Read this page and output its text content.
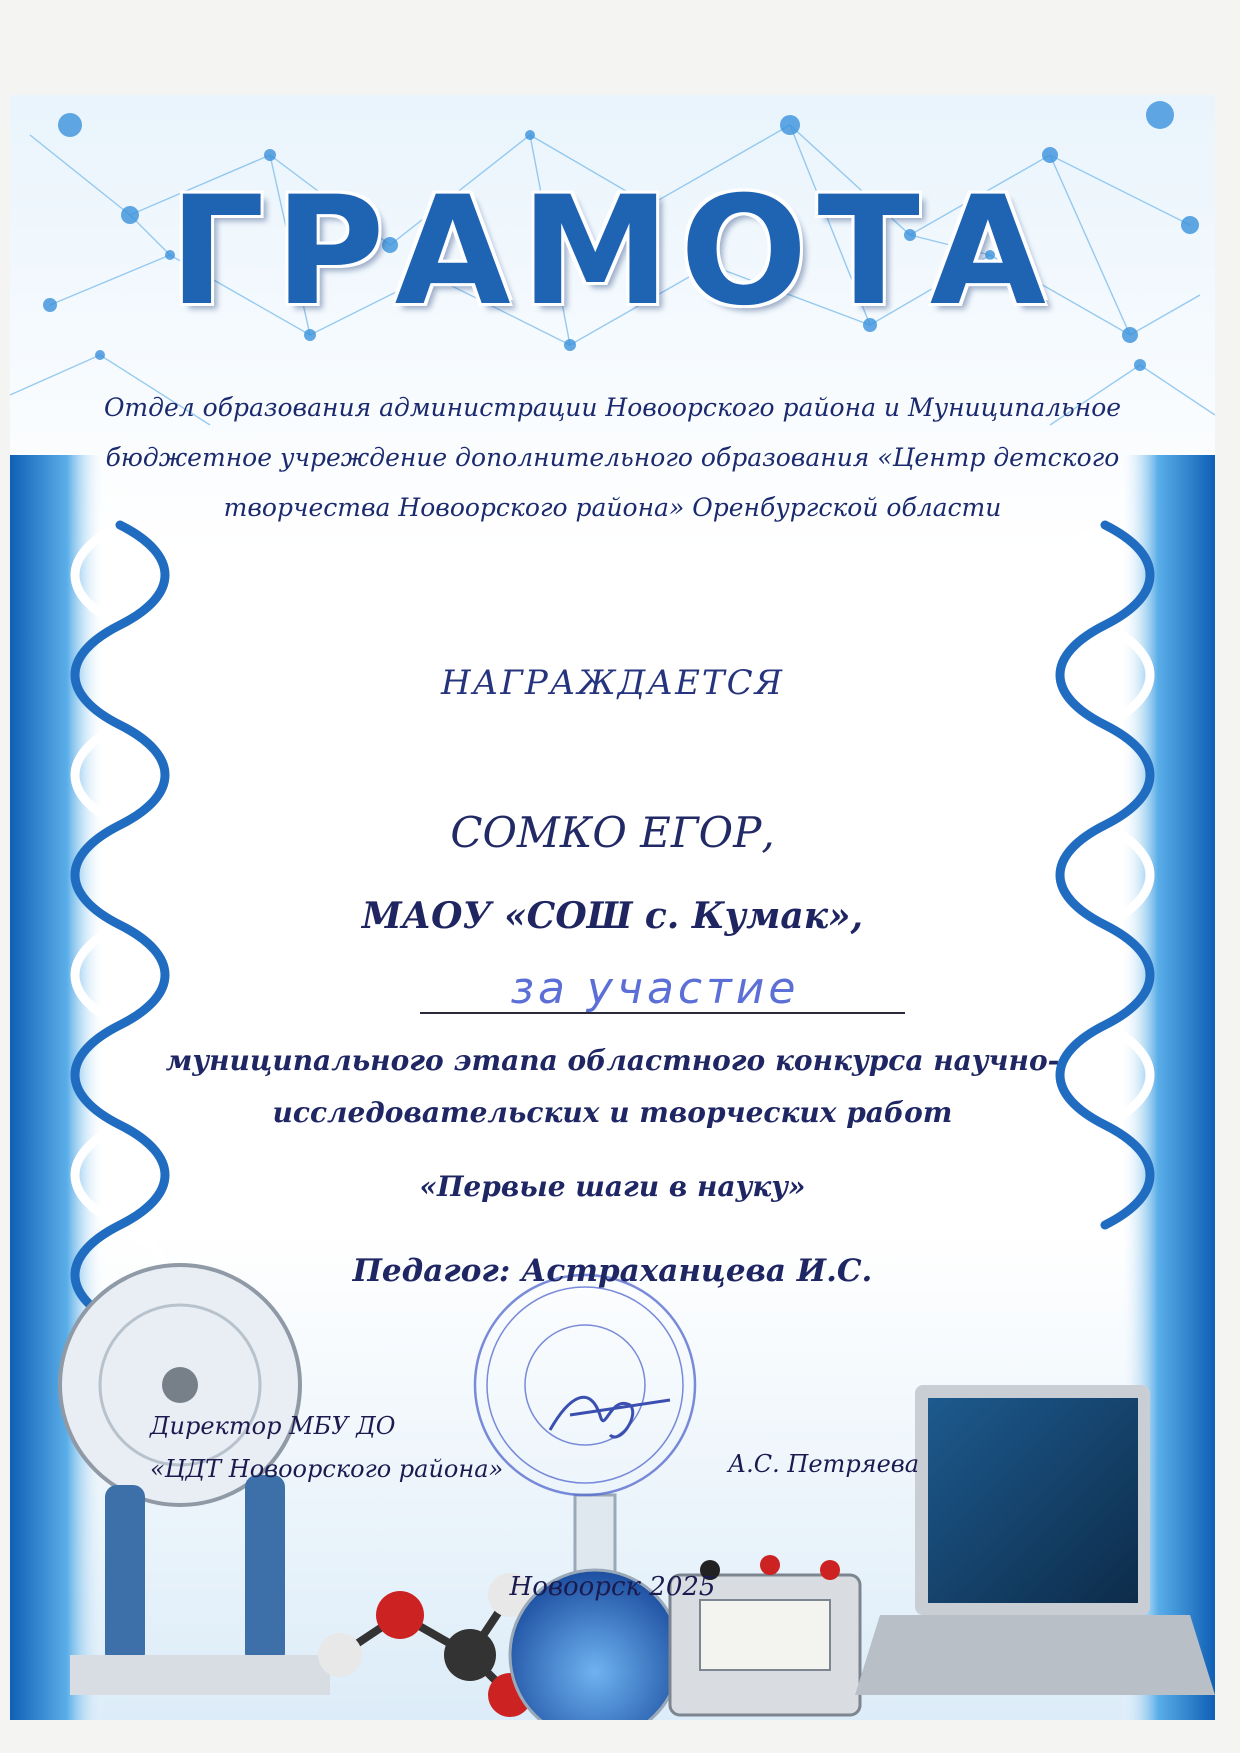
ГРАМОТА
Отдел образования администрации Новоорского района и Муниципальное
бюджетное учреждение дополнительного образования «Центр детского
творчества Новоорского района» Оренбургской области
НАГРАЖДАЕТСЯ
СОМКО ЕГОР,
МАОУ «СОШ с. Кумак»,
за участие
муниципального этапа областного конкурса научно-
исследовательских и творческих работ
«Первые шаги в науку»
Педагог: Астраханцева И.С.
Директор МБУ ДО
«ЦДТ Новоорского района»	А.С. Петряева
Новоорск 2025
